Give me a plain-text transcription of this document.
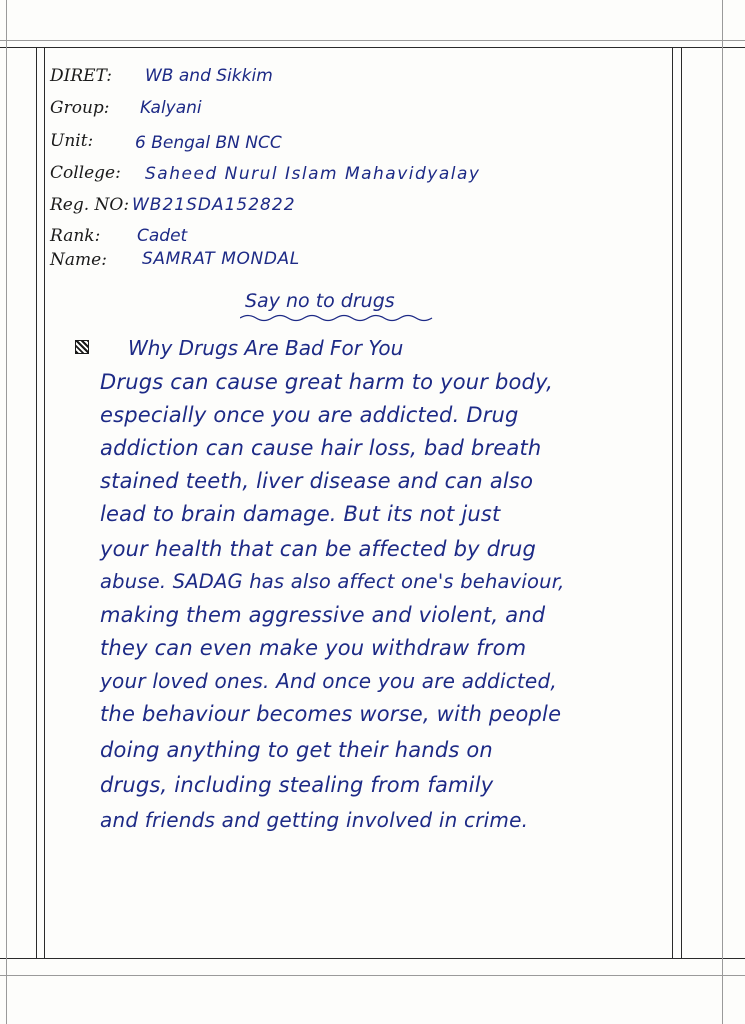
DIRET: WB and Sikkim
Group: Kalyani
Unit: 6 Bengal BN NCC
College: Saheed Nurul Islam Mahavidyalay
Reg. NO: WB21SDA152822
Rank: Cadet
Name: SAMRAT MONDAL
Say no to drugs
Why Drugs Are Bad For You
Drugs can cause great harm to your body,
especially once you are addicted. Drug
addiction can cause hair loss, bad breath
stained teeth, liver disease and can also
lead to brain damage. But its not just
your health that can be affected by drug
abuse. SADAG has also affect one's behaviour,
making them aggressive and violent, and
they can even make you withdraw from
your loved ones. And once you are addicted,
the behaviour becomes worse, with people
doing anything to get their hands on
drugs, including stealing from family
and friends and getting involved in crime.
